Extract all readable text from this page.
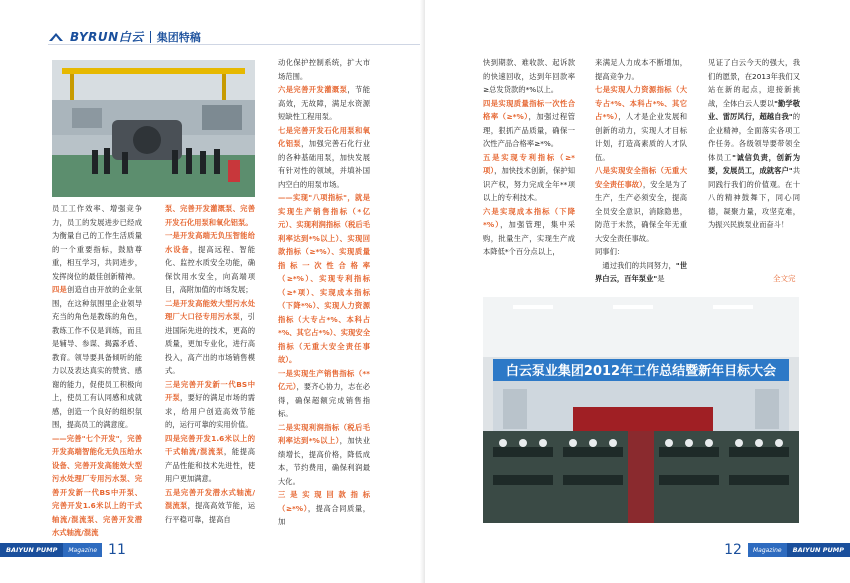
BYRUN白云 集团特稿

员工工作效率、增强竞争力，员工的发展进步已经成为衡量自己的工作生活质量的一个重要指标，鼓励尊重，相互学习，共同进步，发挥岗位的最佳创新精神。

四是创造自由开放的企业氛围，在这种氛围里企业领导充当的角色是教练的角色，教练工作不仅是训练，而且是辅导、参谋、揭露矛盾、教育。领导要具备倾听的能力以及表达真实的赞赏、感谢的能力，促使员工积极向上，使员工有认同感和成就感，创造一个良好的组织氛围，提高员工的满意度。

——完善"七个开发"，完善开发高端智能化无负压给水设备、完善开发高能效大型污水处理厂专用污水泵、完善开发新一代BS中开泵、完善开发1.6米以上的干式轴流/混流泵、完善开发潜水式轴流/混流

泵、完善开发灌溉泵、完善开发石化用泵和氧化铝泵。

一是开发高端无负压智能给水设备，提高远程、智能化、监控水质安全功能，确保饮用水安全，向高端项目，高附加值的市场发展；

二是开发高能效大型污水处理厂大口径专用污水泵，引进国际先进的技术，更高的质量，更加专业化，进行高投入，高产出的市场销售模式。

三是完善开发新一代BS中开泵，要好的满足市场的需求，给用户创造高效节能的，运行可靠的实用价值。

四是完善开发1.6米以上的干式轴流/混流泵，能提高产品性能和技术先进性，使用户更加满意。

五是完善开发潜水式轴流/混流泵，提高高效节能，运行平稳可靠，提高自

动化保护控制系统，扩大市场范围。

六是完善开发灌溉泵，节能高效，无故障，满足水资源短缺性工程用泵。

七是完善开发石化用泵和氧化铝泵，加强完善石化行业的各种基础用泵，加快发展有针对性的领域，并填补国内空白的用泵市场。

——实现"八项指标"，就是实现生产销售指标（*亿元）、实现利润指标（税后毛利率达到*%以上）、实现回款指标（≥*%）、实现质量指标一次性合格率（≥*%）、实现专利指标（≥*项）、实现成本指标（下降*%）、实现人力资源指标（大专占*%、本科占*%、其它占*%）、实现安全指标（无重大安全责任事故）。

一是实现生产销售指标（**亿元），要齐心协力，志在必得，确保超额完成销售指标。

二是实现利润指标（税后毛利率达到*%以上），加快业绩增长，提高价格，降低成本，节约费用，确保利润最大化。

三是实现回款指标（≥*%），提高合同质量，加

BAIYUN PUMP	Magazine 11

快到期款、难收款、起诉款的快速回收，达到年回款率≥总发货款的*%以上。

四是实现质量指标一次性合格率（≥*%），加强过程管理，狠抓产品质量，确保一次性产品合格率≥*%。

五是实现专利指标（≥*项），加快技术创新，保护知识产权，努力完成全年**项以上的专利技术。

六是实现成本指标（下降*%），加强管理，集中采购，批量生产，实现生产成本降低*个百分点以上，

来满足人力成本不断增加，提高竞争力。

七是实现人力资源指标（大专占*%、本科占*%、其它占*%），人才是企业发展和创新的动力，实现人才目标计划，打造高素质的人才队伍。

八是实现安全指标（无重大安全责任事故），安全是为了生产，生产必须安全，提高全员安全意识，消除隐患，防范于未然，确保全年无重大安全责任事故。

同事们：

　通过我们的共同努力，"世界白云，百年泵业"是

见证了白云今天的强大，我们的愿景，在2013年我们又站在新的起点，迎接新挑战，全体白云人要以"勤学敬业、雷厉风行，超越自我"的企业精神，全面落实各项工作任务。各级领导要带领全体员工"诚信负责，创新为要，发展员工，成就客户"共同践行我们的价值观。在十八的精神鼓舞下，同心同德，凝聚力量，攻坚克难，为振兴民族泵业而奋斗！

全文完
白云泵业集团2012年工作总结暨新年目标大会
12	Magazine	BAIYUN PUMP
